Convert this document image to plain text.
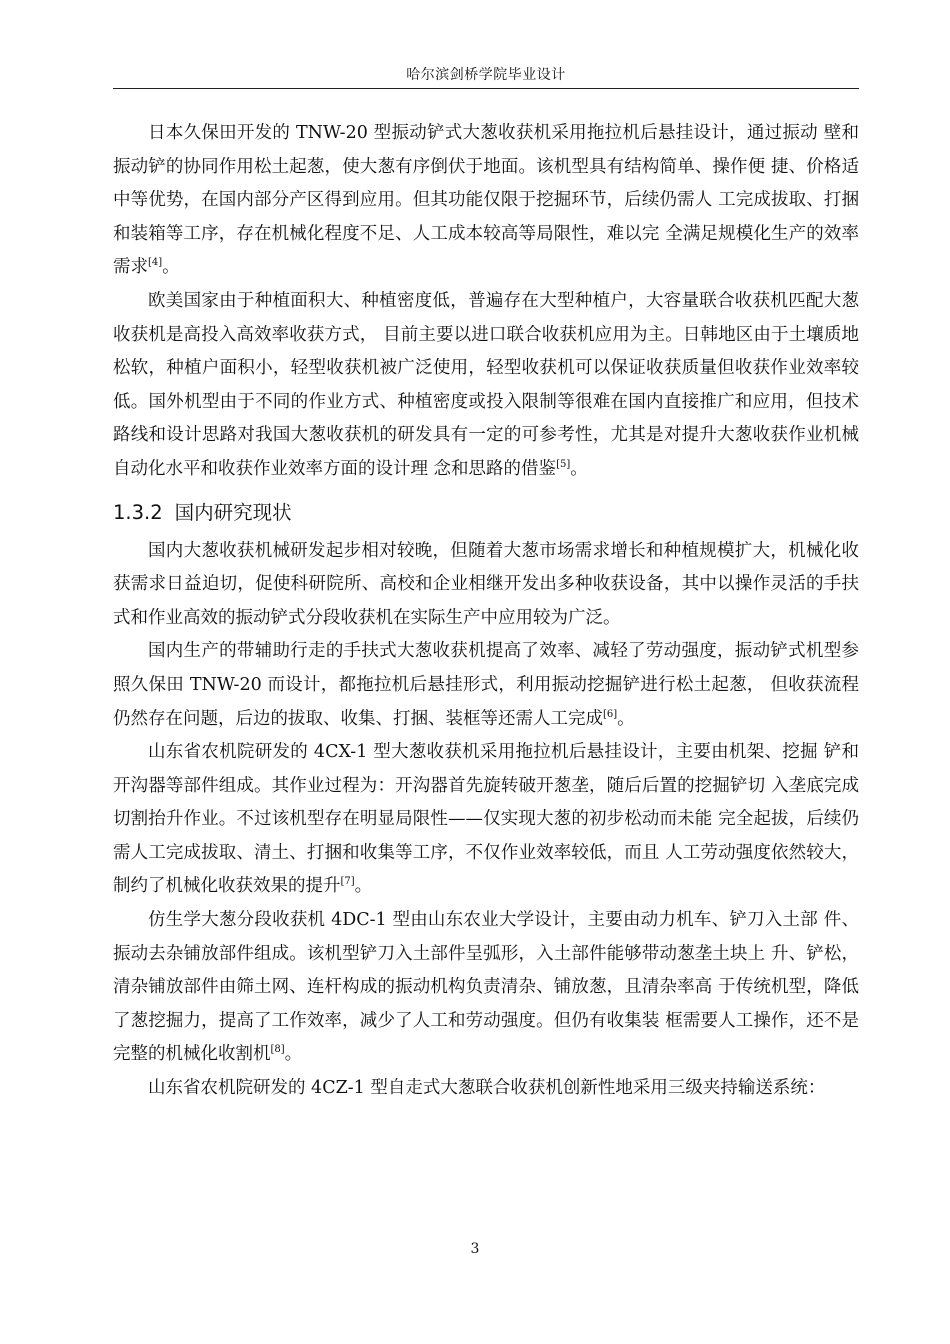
哈尔滨剑桥学院毕业设计

日本久保田开发的 TNW-20 型振动铲式大葱收获机采用拖拉机后悬挂设计，通过振动 壁和振动铲的协同作用松土起葱，使大葱有序倒伏于地面。该机型具有结构简单、操作便 捷、价格适中等优势，在国内部分产区得到应用。但其功能仅限于挖掘环节，后续仍需人 工完成拔取、打捆和装箱等工序，存在机械化程度不足、人工成本较高等局限性，难以完 全满足规模化生产的效率需求[4]。

欧美国家由于种植面积大、种植密度低，普遍存在大型种植户，大容量联合收获机匹配大葱收获机是高投入高效率收获方式， 目前主要以进口联合收获机应用为主。日韩地区由于土壤质地松软，种植户面积小，轻型收获机被广泛使用，轻型收获机可以保证收获质量但收获作业效率较低。国外机型由于不同的作业方式、种植密度或投入限制等很难在国内直接推广和应用，但技术路线和设计思路对我国大葱收获机的研发具有一定的可参考性，尤其是对提升大葱收获作业机械自动化水平和收获作业效率方面的设计理 念和思路的借鉴[5]。

1.3.2 国内研究现状

国内大葱收获机械研发起步相对较晚，但随着大葱市场需求增长和种植规模扩大，机械化收获需求日益迫切，促使科研院所、高校和企业相继开发出多种收获设备，其中以操作灵活的手扶式和作业高效的振动铲式分段收获机在实际生产中应用较为广泛。

国内生产的带辅助行走的手扶式大葱收获机提高了效率、减轻了劳动强度，振动铲式机型参照久保田 TNW-20 而设计，都拖拉机后悬挂形式，利用振动挖掘铲进行松土起葱， 但收获流程仍然存在问题，后边的拔取、收集、打捆、装框等还需人工完成[6]。

山东省农机院研发的 4CX-1 型大葱收获机采用拖拉机后悬挂设计，主要由机架、挖掘 铲和开沟器等部件组成。其作业过程为：开沟器首先旋转破开葱垄，随后后置的挖掘铲切 入垄底完成切割抬升作业。不过该机型存在明显局限性——仅实现大葱的初步松动而未能 完全起拔，后续仍需人工完成拔取、清土、打捆和收集等工序，不仅作业效率较低，而且 人工劳动强度依然较大，制约了机械化收获效果的提升[7]。

仿生学大葱分段收获机 4DC-1 型由山东农业大学设计，主要由动力机车、铲刀入土部 件、振动去杂铺放部件组成。该机型铲刀入土部件呈弧形，入土部件能够带动葱垄土块上 升、铲松，清杂铺放部件由筛土网、连杆构成的振动机构负责清杂、铺放葱，且清杂率高 于传统机型，降低了葱挖掘力，提高了工作效率，减少了人工和劳动强度。但仍有收集装 框需要人工操作，还不是完整的机械化收割机[8]。

山东省农机院研发的 4CZ-1 型自走式大葱联合收获机创新性地采用三级夹持输送系统：

3
